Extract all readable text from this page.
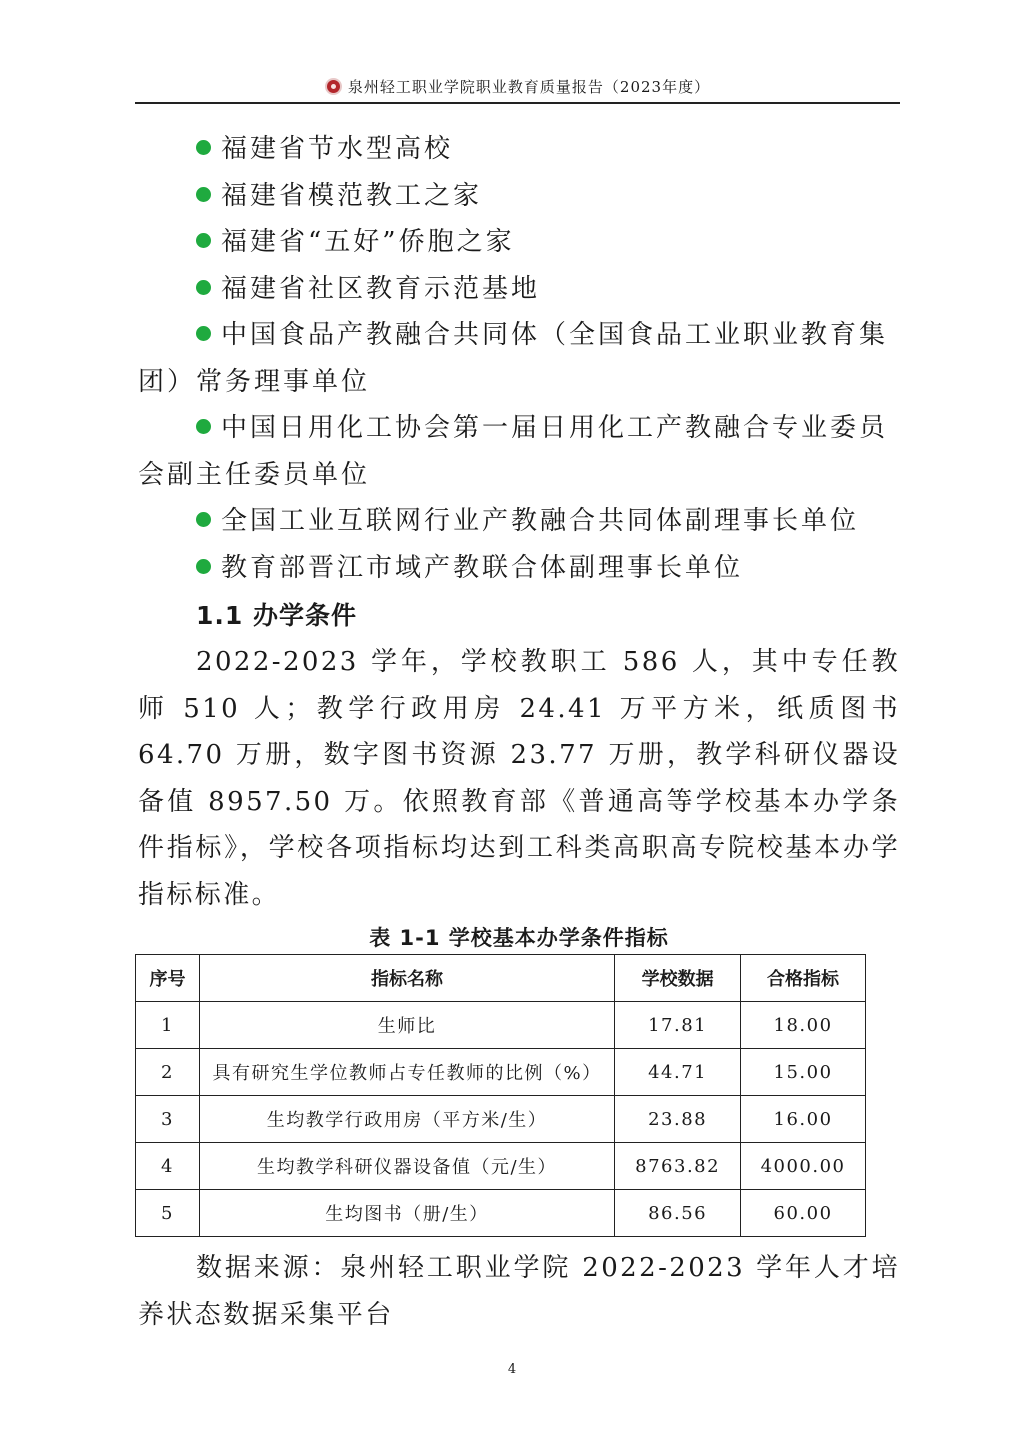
泉州轻工职业学院职业教育质量报告（2023年度）

福建省节水型高校

福建省模范教工之家

福建省“五好”侨胞之家

福建省社区教育示范基地

中国食品产教融合共同体（全国食品工业职业教育集团）常务理事单位

中国日用化工协会第一届日用化工产教融合专业委员会副主任委员单位

全国工业互联网行业产教融合共同体副理事长单位

教育部晋江市域产教联合体副理事长单位

1.1 办学条件

2022-2023 学年，学校教职工 586 人，其中专任教师 510 人；教学行政用房 24.41 万平方米，纸质图书 64.70 万册，数字图书资源 23.77 万册，教学科研仪器设备值 8957.50 万。依照教育部《普通高等学校基本办学条件指标》，学校各项指标均达到工科类高职高专院校基本办学指标标准。

表 1-1 学校基本办学条件指标
序号	指标名称	学校数据	合格指标
1	生师比	17.81	18.00
2	具有研究生学位教师占专任教师的比例（%）	44.71	15.00
3	生均教学行政用房（平方米/生）	23.88	16.00
4	生均教学科研仪器设备值（元/生）	8763.82	4000.00
5	生均图书（册/生）	86.56	60.00

数据来源：泉州轻工职业学院 2022-2023 学年人才培养状态数据采集平台

4
